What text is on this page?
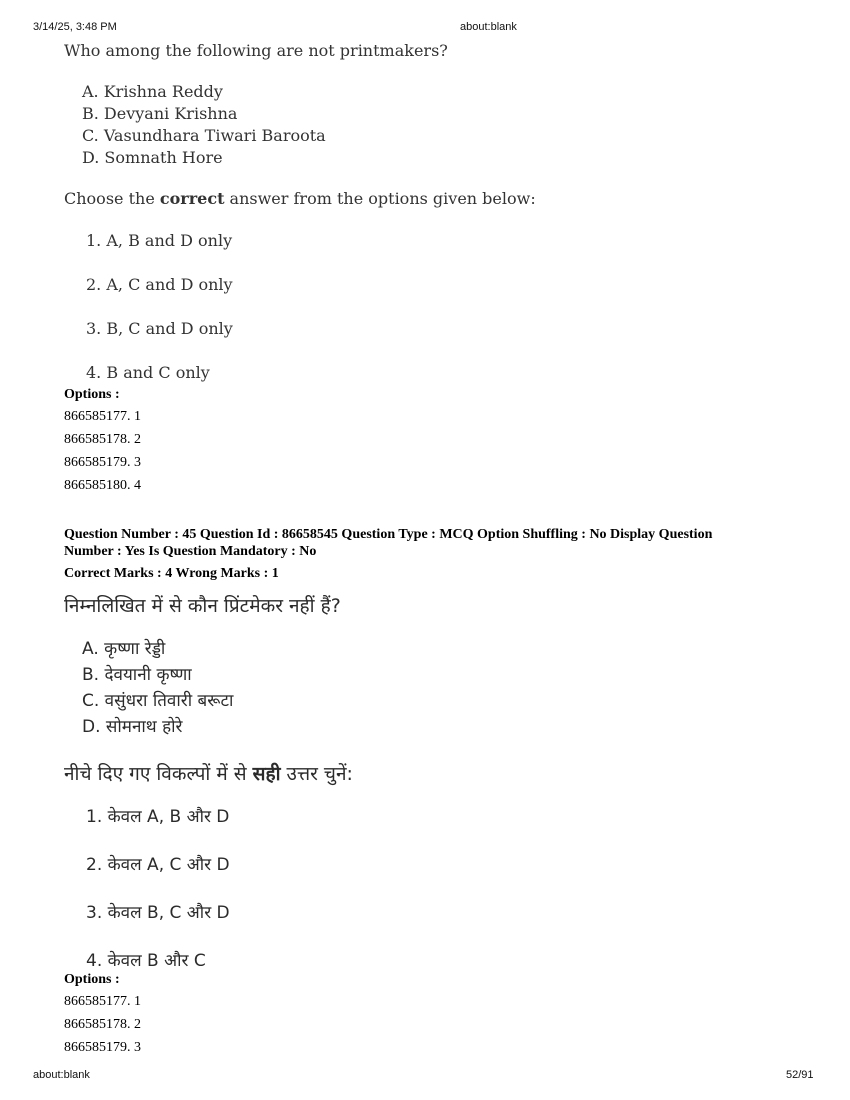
3/14/25, 3:48 PM	about:blank
Who among the following are not printmakers?
A. Krishna Reddy
B. Devyani Krishna
C. Vasundhara Tiwari Baroota
D. Somnath Hore
Choose the correct answer from the options given below:
1. A, B and D only
2. A, C and D only
3. B, C and D only
4. B and C only
Options :
866585177. 1
866585178. 2
866585179. 3
866585180. 4
Question Number : 45 Question Id : 86658545 Question Type : MCQ Option Shuffling : No Display Question
Number : Yes Is Question Mandatory : No
Correct Marks : 4 Wrong Marks : 1
निम्नलिखित में से कौन प्रिंटमेकर नहीं हैं?
A. कृष्णा रेड्डी
B. देवयानी कृष्णा
C. वसुंधरा तिवारी बरूटा
D. सोमनाथ होरे
नीचे दिए गए विकल्पों में से सही उत्तर चुनें:
1. केवल A, B और D
2. केवल A, C और D
3. केवल B, C और D
4. केवल B और C
Options :
866585177. 1
866585178. 2
866585179. 3
about:blank	52/91
